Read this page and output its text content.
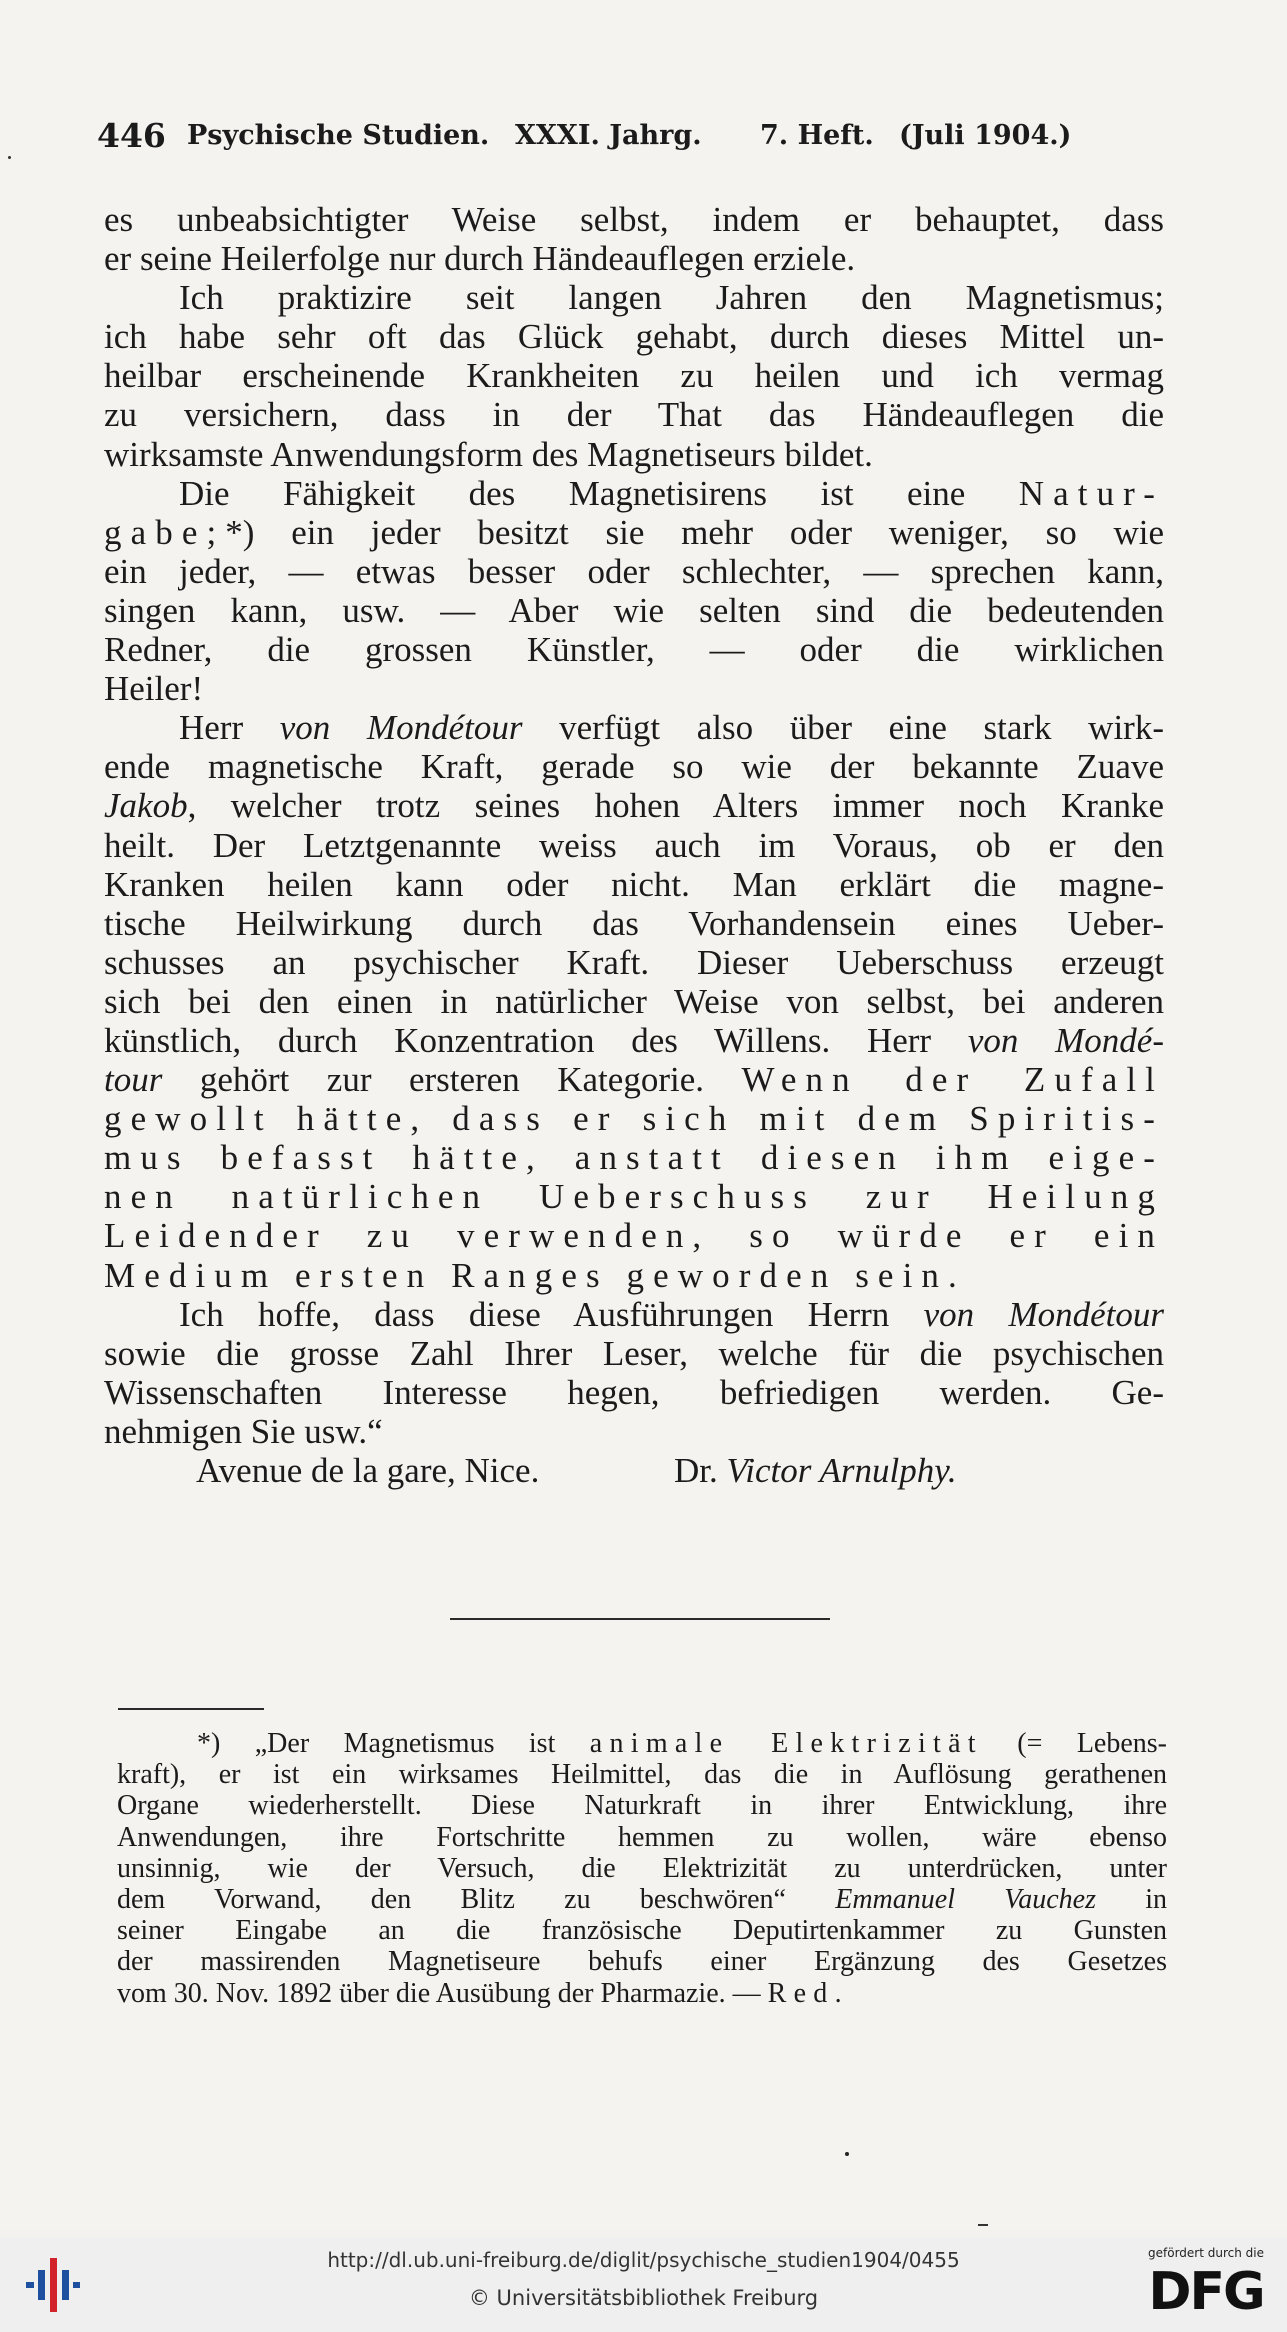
446 Psychische Studien. XXXI. Jahrg. 7. Heft. (Juli 1904.)
es unbeabsichtigter Weise selbst, indem er behauptet, dass
er seine Heilerfolge nur durch Händeauflegen erziele.
Ich praktizire seit langen Jahren den Magnetismus;
ich habe sehr oft das Glück gehabt, durch dieses Mittel un-
heilbar erscheinende Krankheiten zu heilen und ich vermag
zu versichern, dass in der That das Händeauflegen die
wirksamste Anwendungsform des Magnetiseurs bildet.
Die Fähigkeit des Magnetisirens ist eine Natur-
gabe;*) ein jeder besitzt sie mehr oder weniger, so wie
ein jeder, — etwas besser oder schlechter, — sprechen kann,
singen kann, usw. — Aber wie selten sind die bedeutenden
Redner, die grossen Künstler, — oder die wirklichen
Heiler!
Herr von Mondétour verfügt also über eine stark wirk-
ende magnetische Kraft, gerade so wie der bekannte Zuave
Jakob, welcher trotz seines hohen Alters immer noch Kranke
heilt. Der Letztgenannte weiss auch im Voraus, ob er den
Kranken heilen kann oder nicht. Man erklärt die magne-
tische Heilwirkung durch das Vorhandensein eines Ueber-
schusses an psychischer Kraft. Dieser Ueberschuss erzeugt
sich bei den einen in natürlicher Weise von selbst, bei anderen
künstlich, durch Konzentration des Willens. Herr von Mondé-
tour gehört zur ersteren Kategorie. Wenn der Zufall
gewollt hätte, dass er sich mit dem Spiritis-
mus befasst hätte, anstatt diesen ihm eige-
nen natürlichen Ueberschuss zur Heilung
Leidender zu verwenden, so würde er ein
Medium ersten Ranges geworden sein.
Ich hoffe, dass diese Ausführungen Herrn von Mondétour
sowie die grosse Zahl Ihrer Leser, welche für die psychischen
Wissenschaften Interesse hegen, befriedigen werden. Ge-
nehmigen Sie usw.“
Avenue de la gare, Nice.	Dr. Victor Arnulphy.
*) „Der Magnetismus ist animale Elektrizität (= Lebens-
kraft), er ist ein wirksames Heilmittel, das die in Auflösung gerathenen
Organe wiederherstellt. Diese Naturkraft in ihrer Entwicklung, ihre
Anwendungen, ihre Fortschritte hemmen zu wollen, wäre ebenso
unsinnig, wie der Versuch, die Elektrizität zu unterdrücken, unter
dem Vorwand, den Blitz zu beschwören“ Emmanuel Vauchez in
seiner Eingabe an die französische Deputirtenkammer zu Gunsten
der massirenden Magnetiseure behufs einer Ergänzung des Gesetzes
vom 30. Nov. 1892 über die Ausübung der Pharmazie. — Red.
http://dl.ub.uni-freiburg.de/diglit/psychische_studien1904/0455
© Universitätsbibliothek Freiburg
gefördert durch die
DFG
